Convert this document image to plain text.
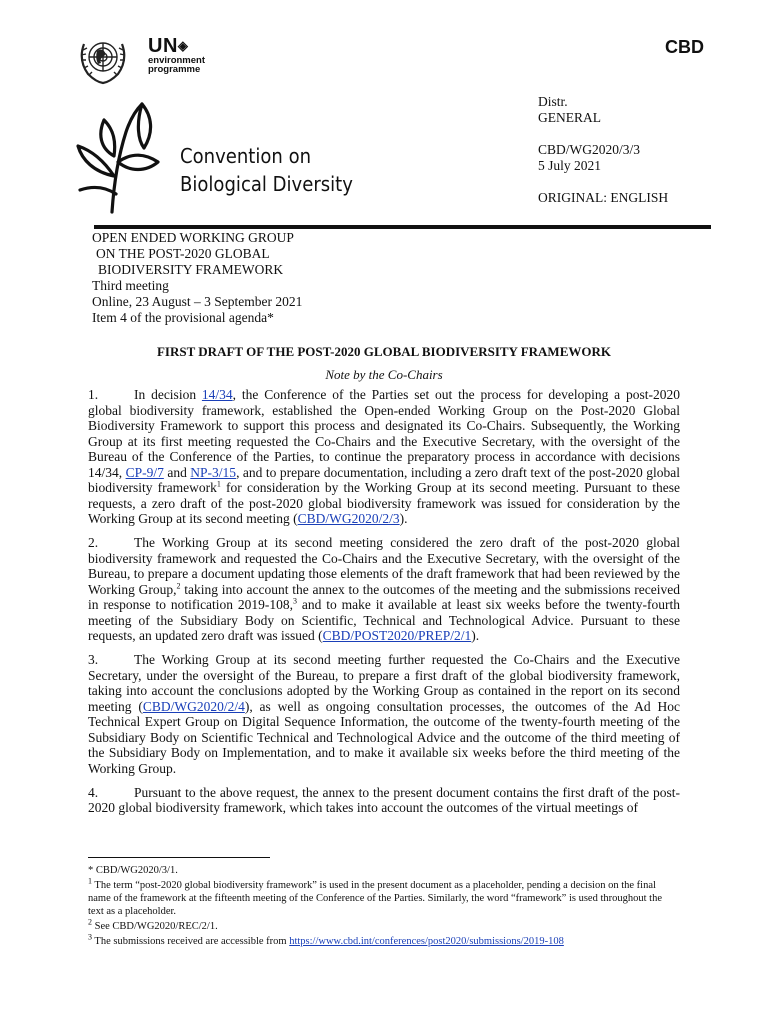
UN◈
environment
programme
CBD
Convention on
Biological Diversity
Distr.
GENERAL
CBD/WG2020/3/3
5 July 2021
ORIGINAL: ENGLISH
OPEN ENDED WORKING GROUP
ON THE POST-2020 GLOBAL
BIODIVERSITY FRAMEWORK
Third meeting
Online, 23 August – 3 September 2021
Item 4 of the provisional agenda*
FIRST DRAFT OF THE POST-2020 GLOBAL BIODIVERSITY FRAMEWORK
Note by the Co-Chairs

1.	In decision 14/34, the Conference of the Parties set out the process for developing a post-2020 global biodiversity framework, established the Open-ended Working Group on the Post-2020 Global Biodiversity Framework to support this process and designated its Co-Chairs. Subsequently, the Working Group at its first meeting requested the Co-Chairs and the Executive Secretary, with the oversight of the Bureau of the Conference of the Parties, to continue the preparatory process in accordance with decisions 14/34, CP-9/7 and NP-3/15, and to prepare documentation, including a zero draft text of the post-2020 global biodiversity framework$^1$ for consideration by the Working Group at its second meeting. Pursuant to these requests, a zero draft of the post-2020 global biodiversity framework was issued for consideration by the Working Group at its second meeting (CBD/WG2020/2/3).

2.	The Working Group at its second meeting considered the zero draft of the post-2020 global biodiversity framework and requested the Co-Chairs and the Executive Secretary, with the oversight of the Bureau, to prepare a document updating those elements of the draft framework that had been reviewed by the Working Group,$^2$ taking into account the annex to the outcomes of the meeting and the submissions received in response to notification 2019-108,$^3$ and to make it available at least six weeks before the twenty-fourth meeting of the Subsidiary Body on Scientific, Technical and Technological Advice. Pursuant to these requests, an updated zero draft was issued (CBD/POST2020/PREP/2/1).

3.	The Working Group at its second meeting further requested the Co-Chairs and the Executive Secretary, under the oversight of the Bureau, to prepare a first draft of the global biodiversity framework, taking into account the conclusions adopted by the Working Group as contained in the report on its second meeting (CBD/WG2020/2/4), as well as ongoing consultation processes, the outcomes of the Ad Hoc Technical Expert Group on Digital Sequence Information, the outcome of the twenty-fourth meeting of the Subsidiary Body on Scientific Technical and Technological Advice and the outcome of the third meeting of the Subsidiary Body on Implementation, and to make it available six weeks before the third meeting of the Working Group.

4.	Pursuant to the above request, the annex to the present document contains the first draft of the post-2020 global biodiversity framework, which takes into account the outcomes of the virtual meetings of

* CBD/WG2020/3/1.
$^1$ The term “post-2020 global biodiversity framework” is used in the present document as a placeholder, pending a decision on the final name of the framework at the fifteenth meeting of the Conference of the Parties. Similarly, the word “framework” is used throughout the text as a placeholder.
$^2$ See CBD/WG2020/REC/2/1.
$^3$ The submissions received are accessible from https://www.cbd.int/conferences/post2020/submissions/2019-108
